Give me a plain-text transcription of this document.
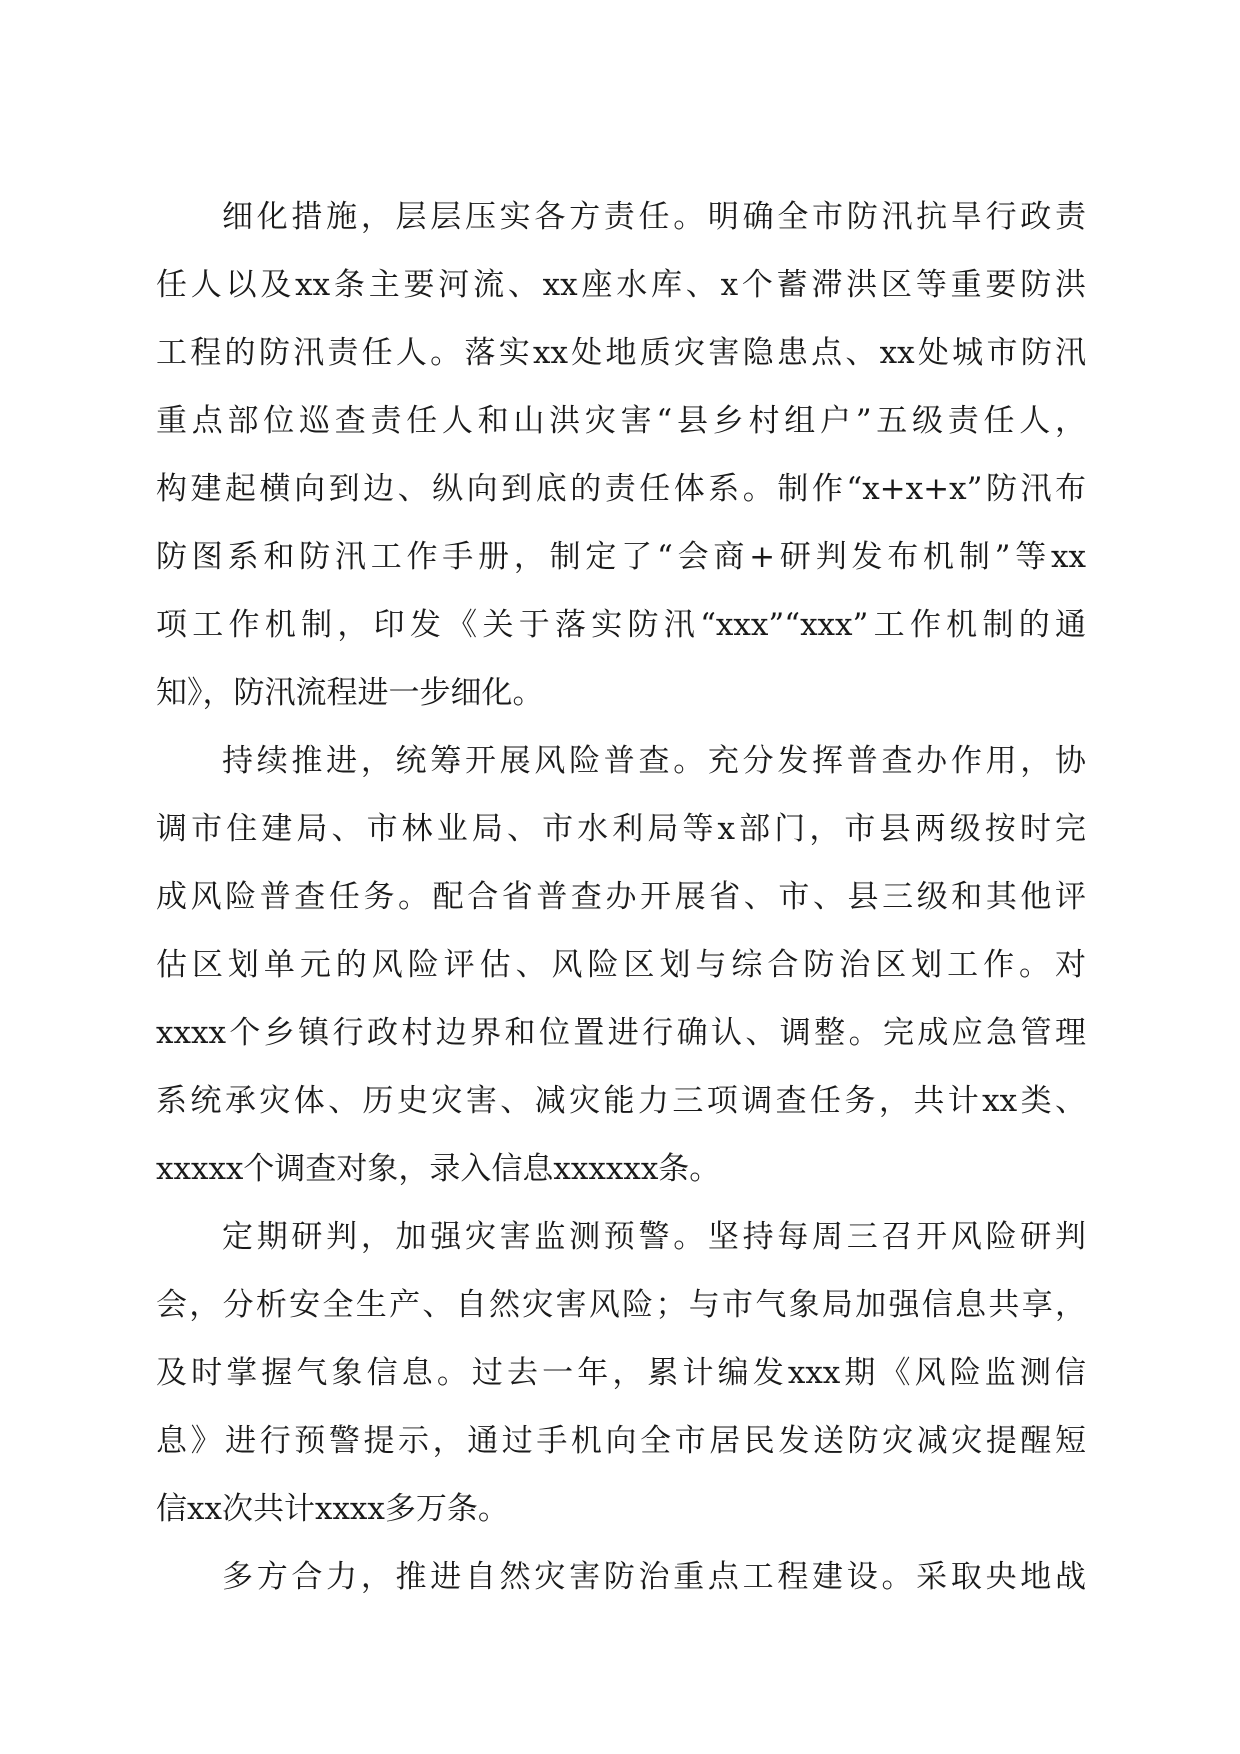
细化措施，层层压实各方责任。明确全市防汛抗旱行政责
任人以及xx条主要河流、xx座水库、x个蓄滞洪区等重要防洪
工程的防汛责任人。落实xx处地质灾害隐患点、xx处城市防汛
重点部位巡查责任人和山洪灾害“县乡村组户”五级责任人，
构建起横向到边、纵向到底的责任体系。制作“x+x+x”防汛布
防图系和防汛工作手册，制定了“会商+研判发布机制”等xx
项工作机制，印发《关于落实防汛“xxx”“xxx”工作机制的通
知》，防汛流程进一步细化。
持续推进，统筹开展风险普查。充分发挥普查办作用，协
调市住建局、市林业局、市水利局等x部门，市县两级按时完
成风险普查任务。配合省普查办开展省、市、县三级和其他评
估区划单元的风险评估、风险区划与综合防治区划工作。对
xxxx个乡镇行政村边界和位置进行确认、调整。完成应急管理
系统承灾体、历史灾害、减灾能力三项调查任务，共计xx类、
xxxxx个调查对象，录入信息xxxxxx条。
定期研判，加强灾害监测预警。坚持每周三召开风险研判
会，分析安全生产、自然灾害风险；与市气象局加强信息共享，
及时掌握气象信息。过去一年，累计编发xxx期《风险监测信
息》进行预警提示，通过手机向全市居民发送防灾减灾提醒短
信xx次共计xxxx多万条。
多方合力，推进自然灾害防治重点工程建设。采取央地战
